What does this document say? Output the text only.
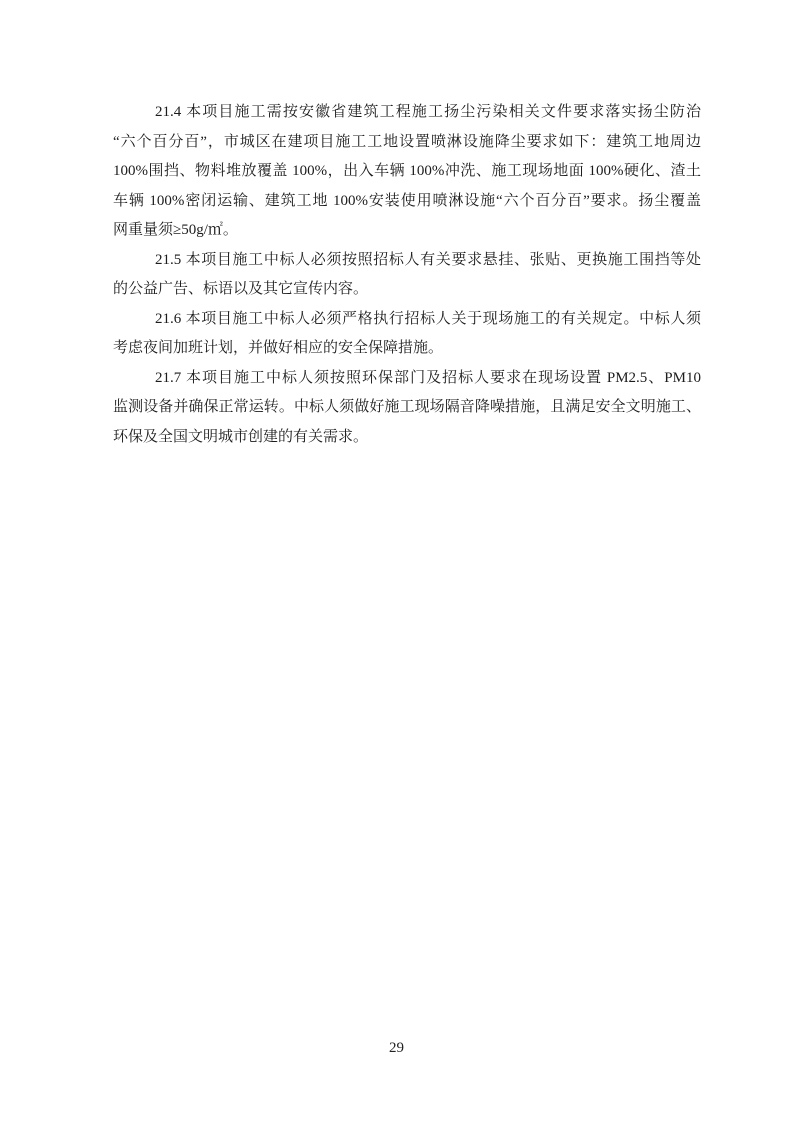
21.4 本项目施工需按安徽省建筑工程施工扬尘污染相关文件要求落实扬尘防治
“六个百分百”，市城区在建项目施工工地设置喷淋设施降尘要求如下：建筑工地周边
100%围挡、物料堆放覆盖 100%，出入车辆 100%冲洗、施工现场地面 100%硬化、渣土
车辆 100%密闭运输、建筑工地 100%安装使用喷淋设施“六个百分百”要求。扬尘覆盖
网重量须≥50g/㎡。
21.5 本项目施工中标人必须按照招标人有关要求悬挂、张贴、更换施工围挡等处
的公益广告、标语以及其它宣传内容。
21.6 本项目施工中标人必须严格执行招标人关于现场施工的有关规定。中标人须
考虑夜间加班计划，并做好相应的安全保障措施。
21.7 本项目施工中标人须按照环保部门及招标人要求在现场设置 PM2.5、PM10
监测设备并确保正常运转。中标人须做好施工现场隔音降噪措施，且满足安全文明施工、
环保及全国文明城市创建的有关需求。
29
